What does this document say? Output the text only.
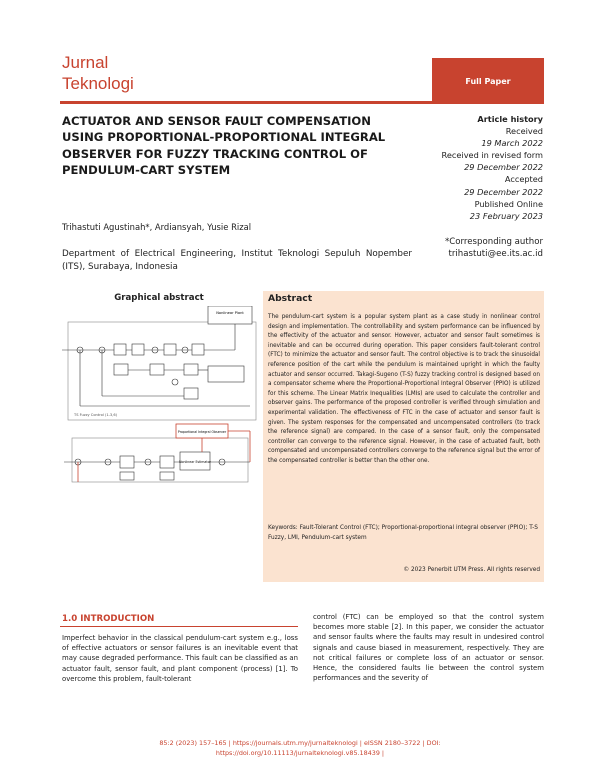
Jurnal
Teknologi	Full Paper
ACTUATOR AND SENSOR FAULT COMPENSATION USING PROPORTIONAL-PROPORTIONAL INTEGRAL OBSERVER FOR FUZZY TRACKING CONTROL OF PENDULUM-CART SYSTEM
Article history
Received
19 March 2022
Received in revised form
29 December 2022
Accepted
29 December 2022
Published Online
23 February 2023
Trihastuti Agustinah*, Ardiansyah, Yusie Rizal
Department of Electrical Engineering, Institut Teknologi Sepuluh Nopember (ITS), Surabaya, Indonesia
*Corresponding author
trihastuti@ee.its.ac.id
Graphical abstract
Nonlinear Plant
TS Fuzzy Control (1-3,6)
Proportional Integral Observer
Nonlinear Estimator
Abstract
The pendulum-cart system is a popular system plant as a case study in nonlinear control design and implementation. The controllability and system performance can be influenced by the effectivity of the actuator and sensor. However, actuator and sensor fault sometimes is inevitable and can be occurred during operation. This paper considers fault-tolerant control (FTC) to minimize the actuator and sensor fault. The control objective is to track the sinusoidal reference position of the cart while the pendulum is maintained upright in which the faulty actuator and sensor occurred. Takagi-Sugeno (T-S) fuzzy tracking control is designed based on a compensator scheme where the Proportional-Proportional Integral Observer (PPIO) is utilized for this scheme. The Linear Matrix Inequalities (LMIs) are used to calculate the controller and observer gains. The performance of the proposed controller is verified through simulation and experimental validation. The effectiveness of FTC in the case of actuator and sensor fault is given. The system responses for the compensated and uncompensated controllers (to track the reference signal) are compared. In the case of a sensor fault, only the compensated controller can converge to the reference signal. However, in the case of actuated fault, both compensated and uncompensated controllers converge to the reference signal but the error of the compensated controller is better than the other one.
Keywords: Fault-Tolerant Control (FTC); Proportional-proportional integral observer (PPIO); T-S Fuzzy, LMI, Pendulum-cart system
© 2023 Penerbit UTM Press. All rights reserved
1.0 INTRODUCTION
Imperfect behavior in the classical pendulum-cart system e.g., loss of effective actuators or sensor failures is an inevitable event that may cause degraded performance. This fault can be classified as an actuator fault, sensor fault, and plant component (process) [1]. To overcome this problem, fault-tolerant
control (FTC) can be employed so that the control system becomes more stable [2]. In this paper, we consider the actuator and sensor faults where the faults may result in undesired control signals and cause biased in measurement, respectively. They are not critical failures or complete loss of an actuator or sensor. Hence, the considered faults lie between the control system performances and the severity of
85:2 (2023) 157–165 | https://journals.utm.my/jurnalteknologi | eISSN 2180–3722 | DOI:
https://doi.org/10.11113/jurnalteknologi.v85.18439 |
